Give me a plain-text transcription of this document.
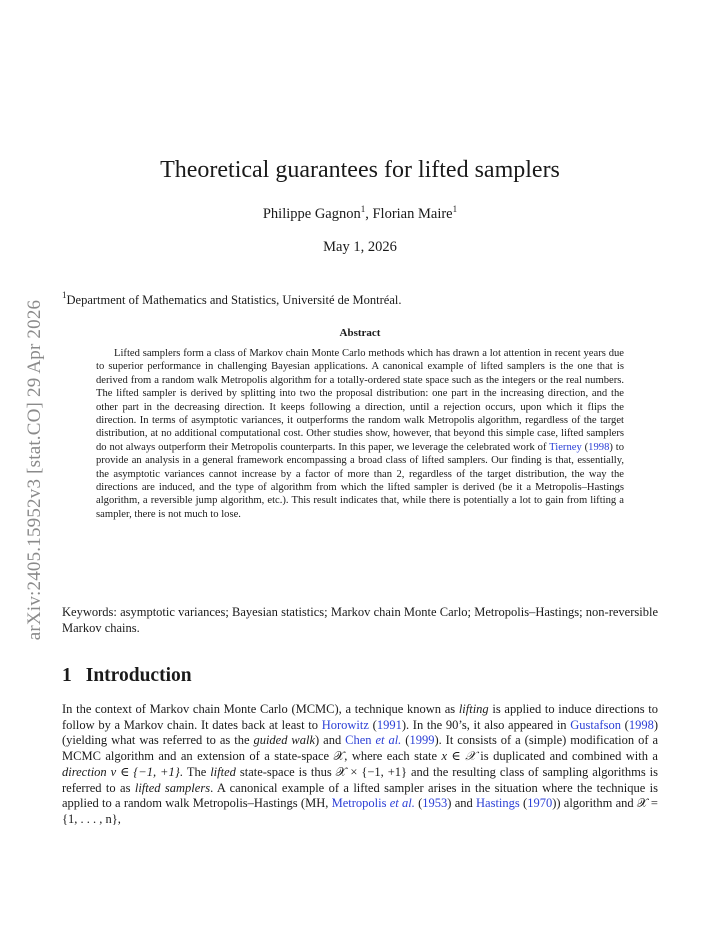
arXiv:2405.15952v3 [stat.CO] 29 Apr 2026
Theoretical guarantees for lifted samplers
Philippe Gagnon$^1$, Florian Maire$^1$
May 1, 2026
$^1$Department of Mathematics and Statistics, Université de Montréal.
Abstract
Lifted samplers form a class of Markov chain Monte Carlo methods which has drawn a lot attention in recent years due to superior performance in challenging Bayesian applications. A canonical example of lifted samplers is the one that is derived from a random walk Metropolis algorithm for a totally-ordered state space such as the integers or the real numbers. The lifted sampler is derived by splitting into two the proposal distribution: one part in the increasing direction, and the other part in the decreasing direction. It keeps following a direction, until a rejection occurs, upon which it flips the direction. In terms of asymptotic variances, it outperforms the random walk Metropolis algorithm, regardless of the target distribution, at no additional computational cost. Other studies show, however, that beyond this simple case, lifted samplers do not always outperform their Metropolis counterparts. In this paper, we leverage the celebrated work of Tierney (1998) to provide an analysis in a general framework encompassing a broad class of lifted samplers. Our finding is that, essentially, the asymptotic variances cannot increase by a factor of more than 2, regardless of the target distribution, the way the directions are induced, and the type of algorithm from which the lifted sampler is derived (be it a Metropolis–Hastings algorithm, a reversible jump algorithm, etc.). This result indicates that, while there is potentially a lot to gain from lifting a sampler, there is not much to lose.
Keywords: asymptotic variances; Bayesian statistics; Markov chain Monte Carlo; Metropolis–Hastings; non-reversible Markov chains.
1 Introduction
In the context of Markov chain Monte Carlo (MCMC), a technique known as lifting is applied to induce directions to follow by a Markov chain. It dates back at least to Horowitz (1991). In the 90’s, it also appeared in Gustafson (1998) (yielding what was referred to as the guided walk) and Chen et al. (1999). It consists of a (simple) modification of a MCMC algorithm and an extension of a state-space 𝒳, where each state x ∈ 𝒳 is duplicated and combined with a direction ν ∈ {−1, +1}. The lifted state-space is thus 𝒳 × {−1, +1} and the resulting class of sampling algorithms is referred to as lifted samplers. A canonical example of a lifted sampler arises in the situation where the technique is applied to a random walk Metropolis–Hastings (MH, Metropolis et al. (1953) and Hastings (1970)) algorithm and 𝒳 = {1, . . . , n},
